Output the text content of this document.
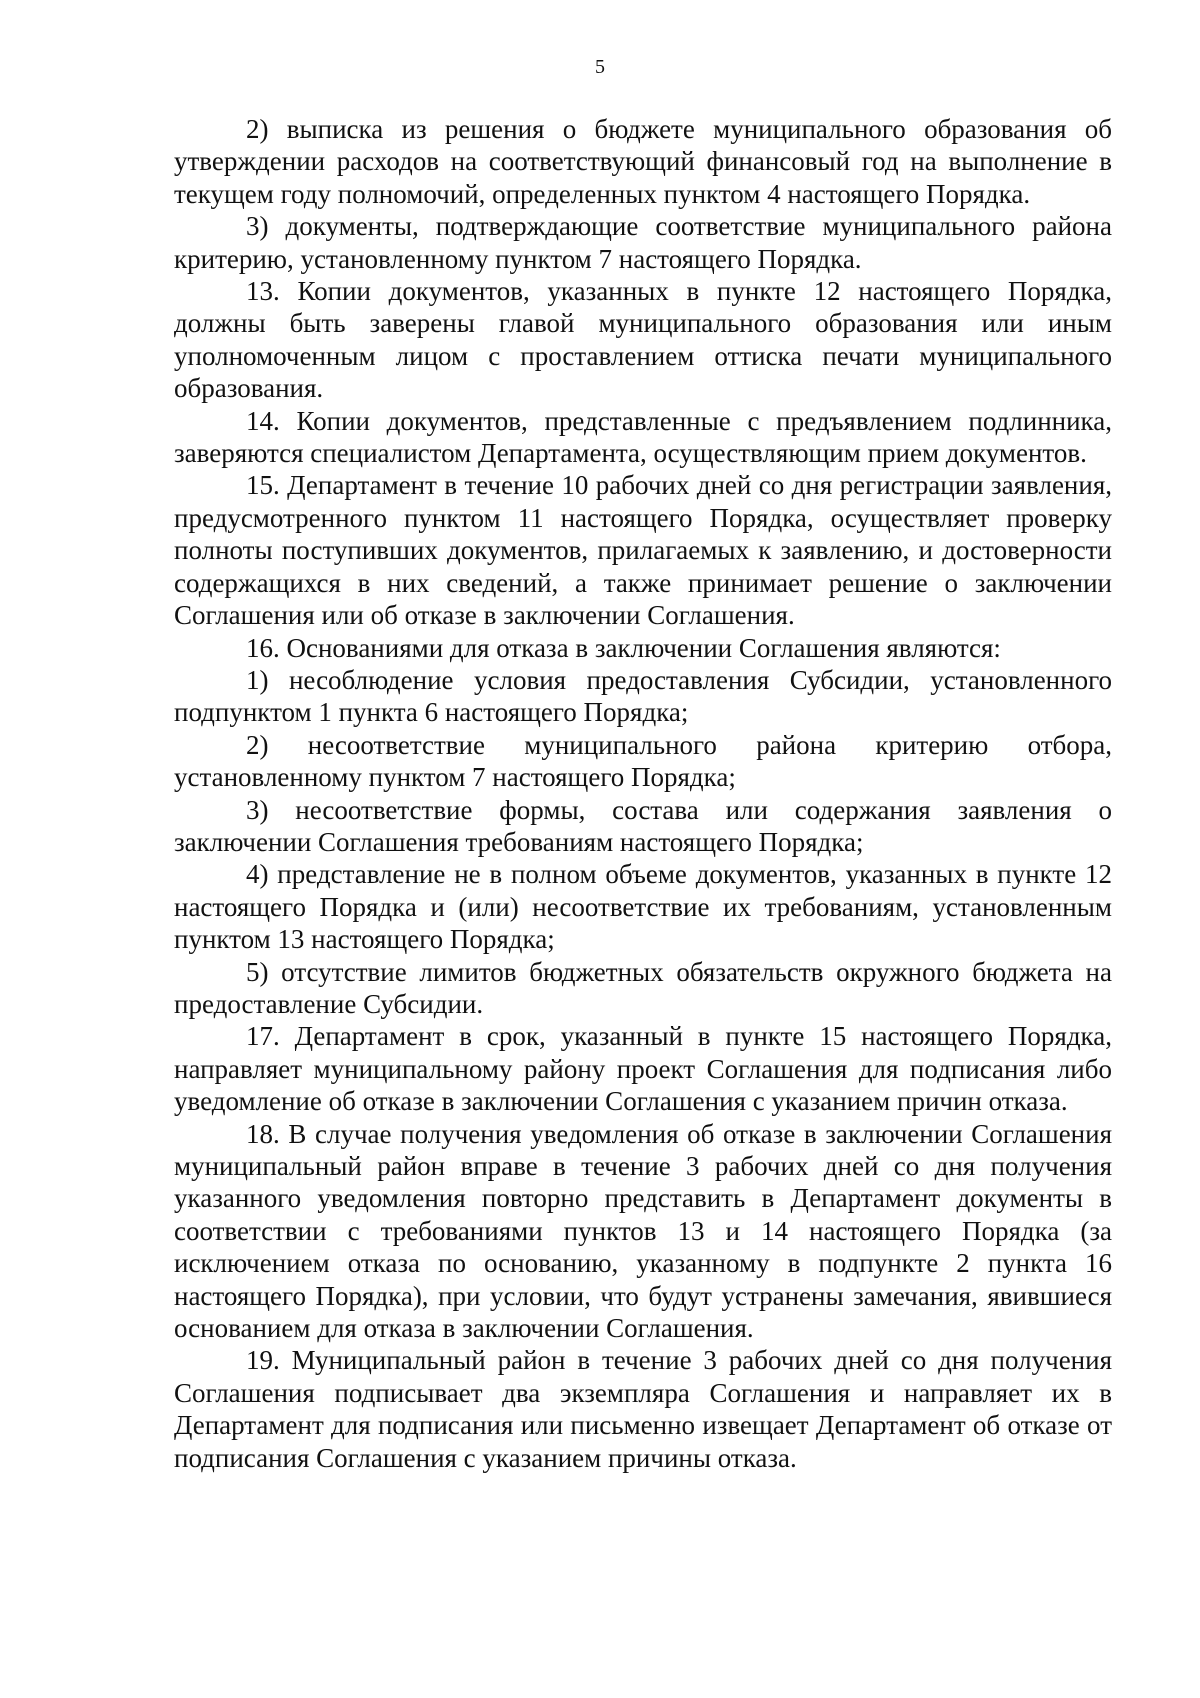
5

2) выписка из решения о бюджете муниципального образования об утверждении расходов на соответствующий финансовый год на выполнение в текущем году полномочий, определенных пунктом 4 настоящего Порядка.

3) документы, подтверждающие соответствие муниципального района критерию, установленному пунктом 7 настоящего Порядка.

13. Копии документов, указанных в пункте 12 настоящего Порядка, должны быть заверены главой муниципального образования или иным уполномоченным лицом с проставлением оттиска печати муниципального образования.

14. Копии документов, представленные с предъявлением подлинника, заверяются специалистом Департамента, осуществляющим прием документов.

15. Департамент в течение 10 рабочих дней со дня регистрации заявления, предусмотренного пунктом 11 настоящего Порядка, осуществляет проверку полноты поступивших документов, прилагаемых к заявлению, и достоверности содержащихся в них сведений, а также принимает решение о заключении Соглашения или об отказе в заключении Соглашения.

16. Основаниями для отказа в заключении Соглашения являются:

1) несоблюдение условия предоставления Субсидии, установленного подпунктом 1 пункта 6 настоящего Порядка;

2) несоответствие муниципального района критерию отбора, установленному пунктом 7 настоящего Порядка;

3) несоответствие формы, состава или содержания заявления о заключении Соглашения требованиям настоящего Порядка;

4) представление не в полном объеме документов, указанных в пункте 12 настоящего Порядка и (или) несоответствие их требованиям, установленным пунктом 13 настоящего Порядка;

5) отсутствие лимитов бюджетных обязательств окружного бюджета на предоставление Субсидии.

17. Департамент в срок, указанный в пункте 15 настоящего Порядка, направляет муниципальному району проект Соглашения для подписания либо уведомление об отказе в заключении Соглашения с указанием причин отказа.

18. В случае получения уведомления об отказе в заключении Соглашения муниципальный район вправе в течение 3 рабочих дней со дня получения указанного уведомления повторно представить в Департамент документы в соответствии с требованиями пунктов 13 и 14 настоящего Порядка (за исключением отказа по основанию, указанному в подпункте 2 пункта 16 настоящего Порядка), при условии, что будут устранены замечания, явившиеся основанием для отказа в заключении Соглашения.

19. Муниципальный район в течение 3 рабочих дней со дня получения Соглашения подписывает два экземпляра Соглашения и направляет их в Департамент для подписания или письменно извещает Департамент об отказе от подписания Соглашения с указанием причины отказа.
